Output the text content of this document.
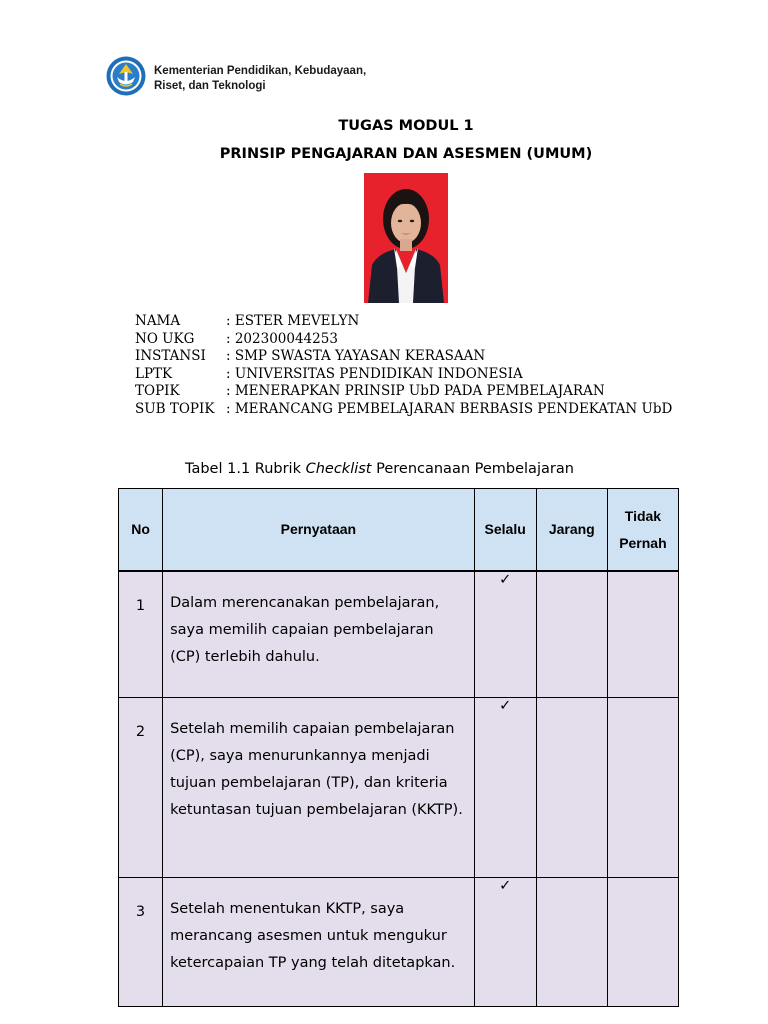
Kementerian Pendidikan, Kebudayaan,
Riset, dan Teknologi
TUGAS MODUL 1
PRINSIP PENGAJARAN DAN ASESMEN (UMUM)
NAMA	: ESTER MEVELYN
NO UKG	: 202300044253
INSTANSI	: SMP SWASTA YAYASAN KERASAAN
LPTK	: UNIVERSITAS PENDIDIKAN INDONESIA
TOPIK	: MENERAPKAN PRINSIP UbD PADA PEMBELAJARAN
SUB TOPIK : MERANCANG PEMBELAJARAN BERBASIS PENDEKATAN UbD
Tabel 1.1 Rubrik Checklist Perencanaan Pembelajaran
No	Pernyataan	Selalu	Jarang	Tidak Pernah
1	Dalam merencanakan pembelajaran, saya memilih capaian pembelajaran (CP) terlebih dahulu.	✓		
2	Setelah memilih capaian pembelajaran (CP), saya menurunkannya menjadi tujuan pembelajaran (TP), dan kriteria ketuntasan tujuan pembelajaran (KKTP).	✓		
3	Setelah menentukan KKTP, saya merancang asesmen untuk mengukur ketercapaian TP yang telah ditetapkan.	✓		
